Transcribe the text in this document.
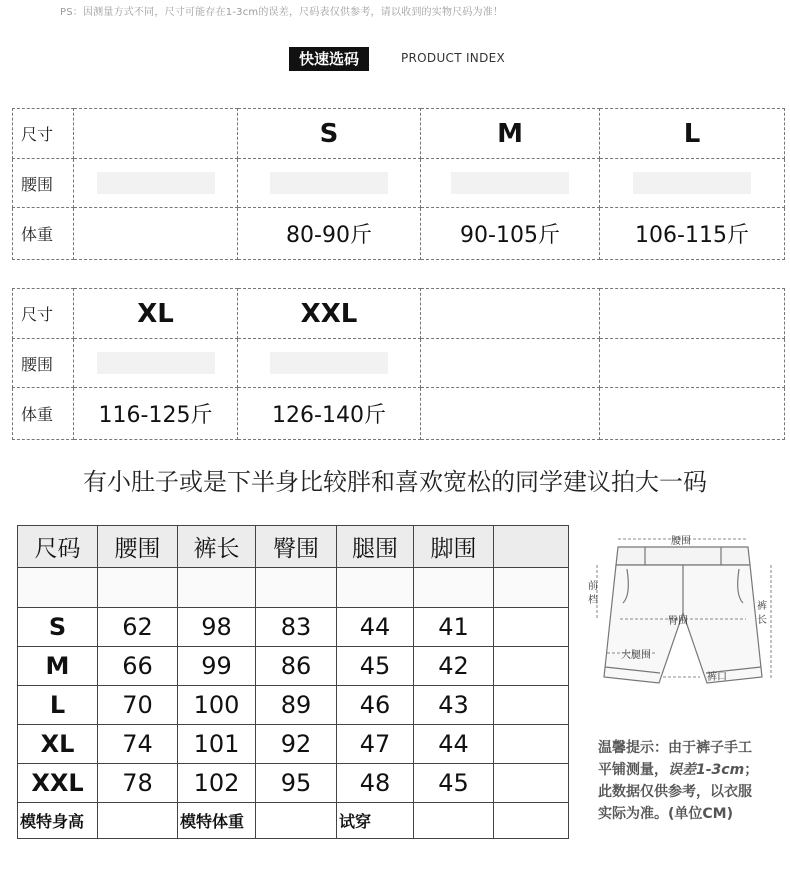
PS：因测量方式不同，尺寸可能存在1-3cm的误差，尺码表仅供参考，请以收到的实物尺码为准！
快速选码	PRODUCT INDEX
尺寸		S	M	L
腰围	

体重		80-90斤	90-105斤	106-115斤
尺寸	XL	XXL		
腰围	

体重	116-125斤	126-140斤		
有小肚子或是下半身比较胖和喜欢宽松的同学建议拍大一码
尺码	腰围	裤长	臀围	腿围	脚围	

S	62	98	83	44	41	
M	66	99	86	45	42	
L	70	100	89	46	43	
XL	74	101	92	47	44	
XXL	78	102	95	48	45	
模特身高		模特体重		试穿		
腰围
前
档
裤
长
臀围
大腿围
裤口
温馨提示：由于裤子手工
平铺测量，误差1-3cm；
此数据仅供参考，以衣服
实际为准。(单位CM)
